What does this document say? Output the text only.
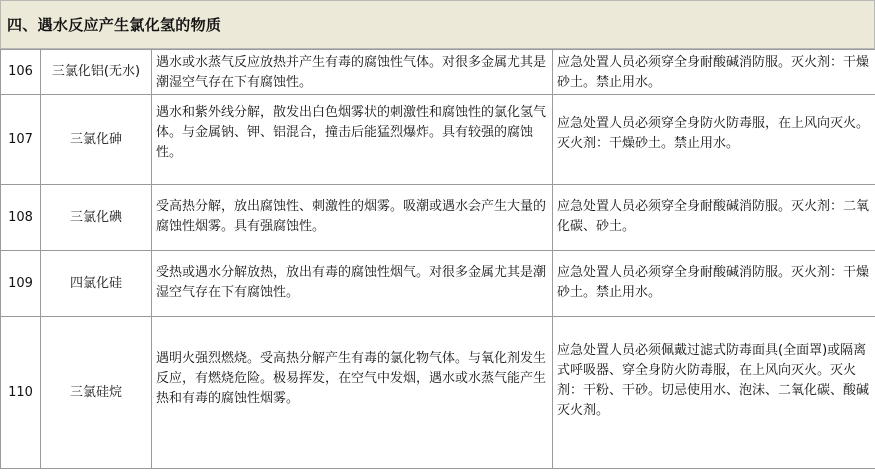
四、遇水反应产生氯化氢的物质
106	三氯化铝(无水)	遇水或水蒸气反应放热并产生有毒的腐蚀性气体。对很多金属尤其是潮湿空气存在下有腐蚀性。	应急处置人员必须穿全身耐酸碱消防服。灭火剂：干燥砂土。禁止用水。

107	三氯化砷	遇水和紫外线分解，散发出白色烟雾状的刺激性和腐蚀性的氯化氢气体。与金属钠、钾、铝混合，撞击后能猛烈爆炸。具有较强的腐蚀性。	应急处置人员必须穿全身防火防毒服，在上风向灭火。灭火剂：干燥砂土。禁止用水。

108	三氯化碘	受高热分解，放出腐蚀性、刺激性的烟雾。吸潮或遇水会产生大量的腐蚀性烟雾。具有强腐蚀性。	应急处置人员必须穿全身耐酸碱消防服。灭火剂：二氧化碳、砂土。

109	四氯化硅	受热或遇水分解放热，放出有毒的腐蚀性烟气。对很多金属尤其是潮湿空气存在下有腐蚀性。	应急处置人员必须穿全身耐酸碱消防服。灭火剂：干燥砂土。禁止用水。

110	三氯硅烷	遇明火强烈燃烧。受高热分解产生有毒的氯化物气体。与氧化剂发生反应，有燃烧危险。极易挥发，在空气中发烟，遇水或水蒸气能产生热和有毒的腐蚀性烟雾。	应急处置人员必须佩戴过滤式防毒面具(全面罩)或隔离式呼吸器、穿全身防火防毒服，在上风向灭火。灭火剂：干粉、干砂。切忌使用水、泡沫、二氧化碳、酸碱灭火剂。
